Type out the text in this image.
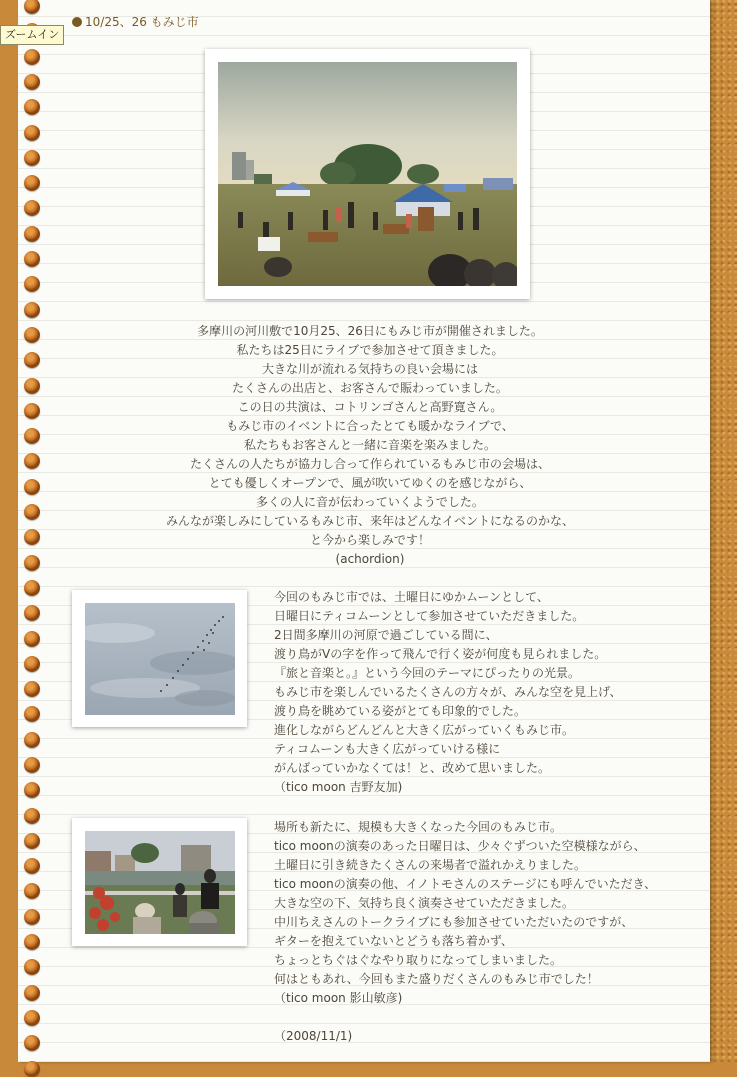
ズームイン
10/25、26 もみじ市
多摩川の河川敷で10月25、26日にもみじ市が開催されました。
私たちは25日にライブで参加させて頂きました。
大きな川が流れる気持ちの良い会場には
たくさんの出店と、お客さんで賑わっていました。
この日の共演は、コトリンゴさんと高野寛さん。
もみじ市のイベントに合ったとても暖かなライブで、
私たちもお客さんと一緒に音楽を楽みました。
たくさんの人たちが協力し合って作られているもみじ市の会場は、
とても優しくオープンで、風が吹いてゆくのを感じながら、
多くの人に音が伝わっていくようでした。
みんなが楽しみにしているもみじ市、来年はどんなイベントになるのかな、
と今から楽しみです！
(achordion)
今回のもみじ市では、土曜日にゆかムーンとして、
日曜日にティコムーンとして参加させていただきました。
2日間多摩川の河原で過ごしている間に、
渡り鳥がVの字を作って飛んで行く姿が何度も見られました。
『旅と音楽と。』という今回のテーマにぴったりの光景。
もみじ市を楽しんでいるたくさんの方々が、みんな空を見上げ、
渡り鳥を眺めている姿がとても印象的でした。
進化しながらどんどんと大きく広がっていくもみじ市。
ティコムーンも大きく広がっていける様に
がんばっていかなくては！と、改めて思いました。
（tico moon 吉野友加)
場所も新たに、規模も大きくなった今回のもみじ市。
tico moonの演奏のあった日曜日は、少々ぐずついた空模様ながら、
土曜日に引き続きたくさんの来場者で溢れかえりました。
tico moonの演奏の他、イノトモさんのステージにも呼んでいただき、
大きな空の下、気持ち良く演奏させていただきました。
中川ちえさんのトークライブにも参加させていただいたのですが、
ギターを抱えていないとどうも落ち着かず、
ちょっとちぐはぐなやり取りになってしまいました。
何はともあれ、今回もまた盛りだくさんのもみじ市でした！
（tico moon 影山敏彦)

（2008/11/1)
